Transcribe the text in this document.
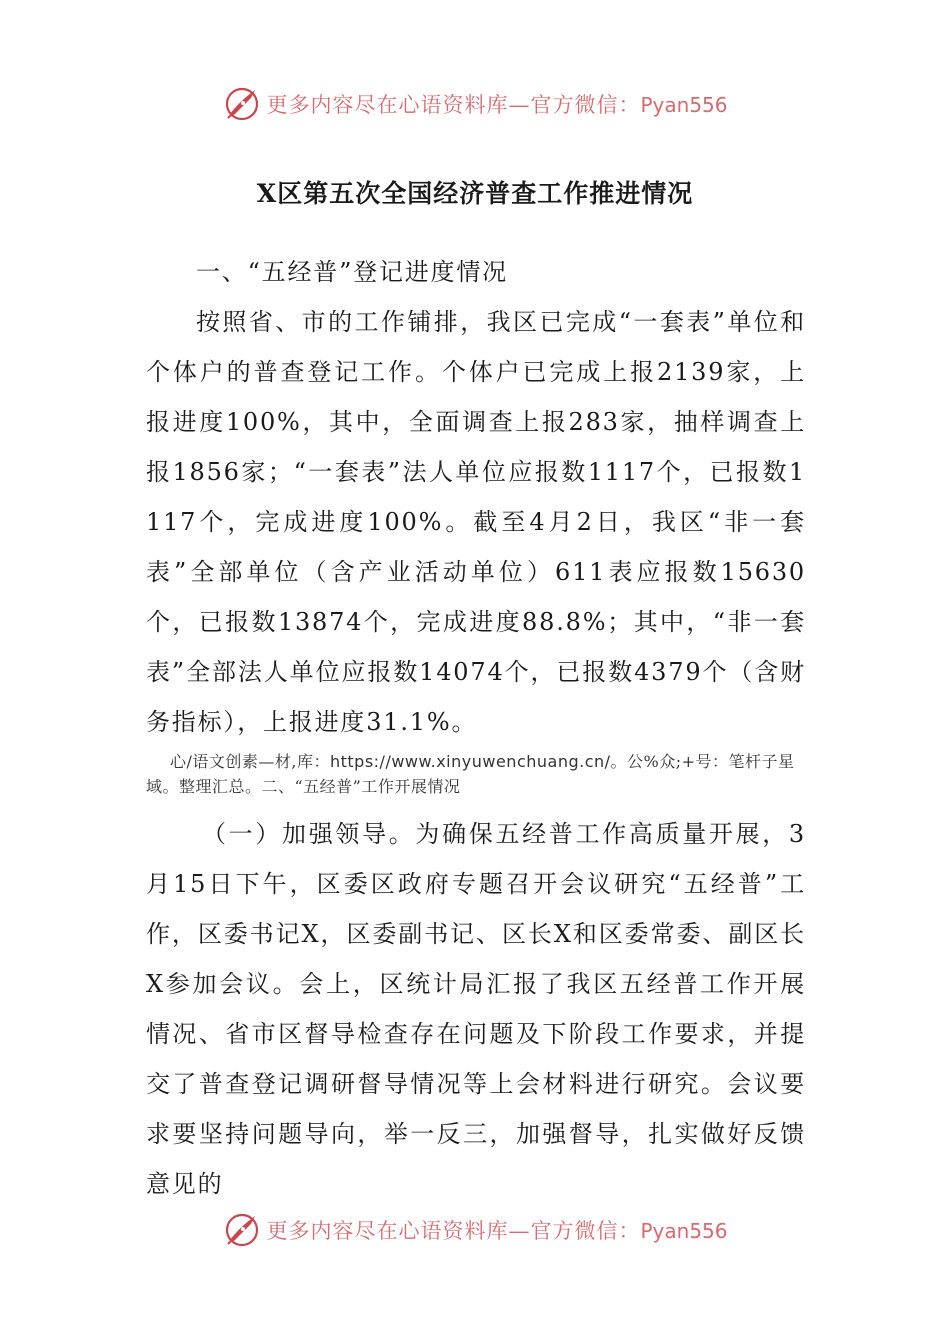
更多内容尽在心语资料库—官方微信：Pyan556
X区第五次全国经济普查工作推进情况

一、“五经普”登记进度情况

按照省、市的工作铺排，我区已完成“一套表”单位和个体户的普查登记工作。个体户已完成上报2139家，上报进度100%，其中，全面调查上报283家，抽样调查上报1856家；“一套表”法人单位应报数1117个，已报数1117个，完成进度100%。截至4月2日，我区“非一套表”全部单位（含产业活动单位）611表应报数15630个，已报数13874个，完成进度88.8%；其中，“非一套表”全部法人单位应报数14074个，已报数4379个（含财务指标），上报进度31.1%。

心/语文创素—材,库：https://www.xinyuwenchuang.cn/。公%众;+号：笔杆子星域。整理汇总。二、“五经普”工作开展情况

（一）加强领导。为确保五经普工作高质量开展，3月15日下午，区委区政府专题召开会议研究“五经普”工作，区委书记X，区委副书记、区长X和区委常委、副区长X参加会议。会上，区统计局汇报了我区五经普工作开展情况、省市区督导检查存在问题及下阶段工作要求，并提交了普查登记调研督导情况等上会材料进行研究。会议要求要坚持问题导向，举一反三，加强督导，扎实做好反馈意见的

更多内容尽在心语资料库—官方微信：Pyan556
